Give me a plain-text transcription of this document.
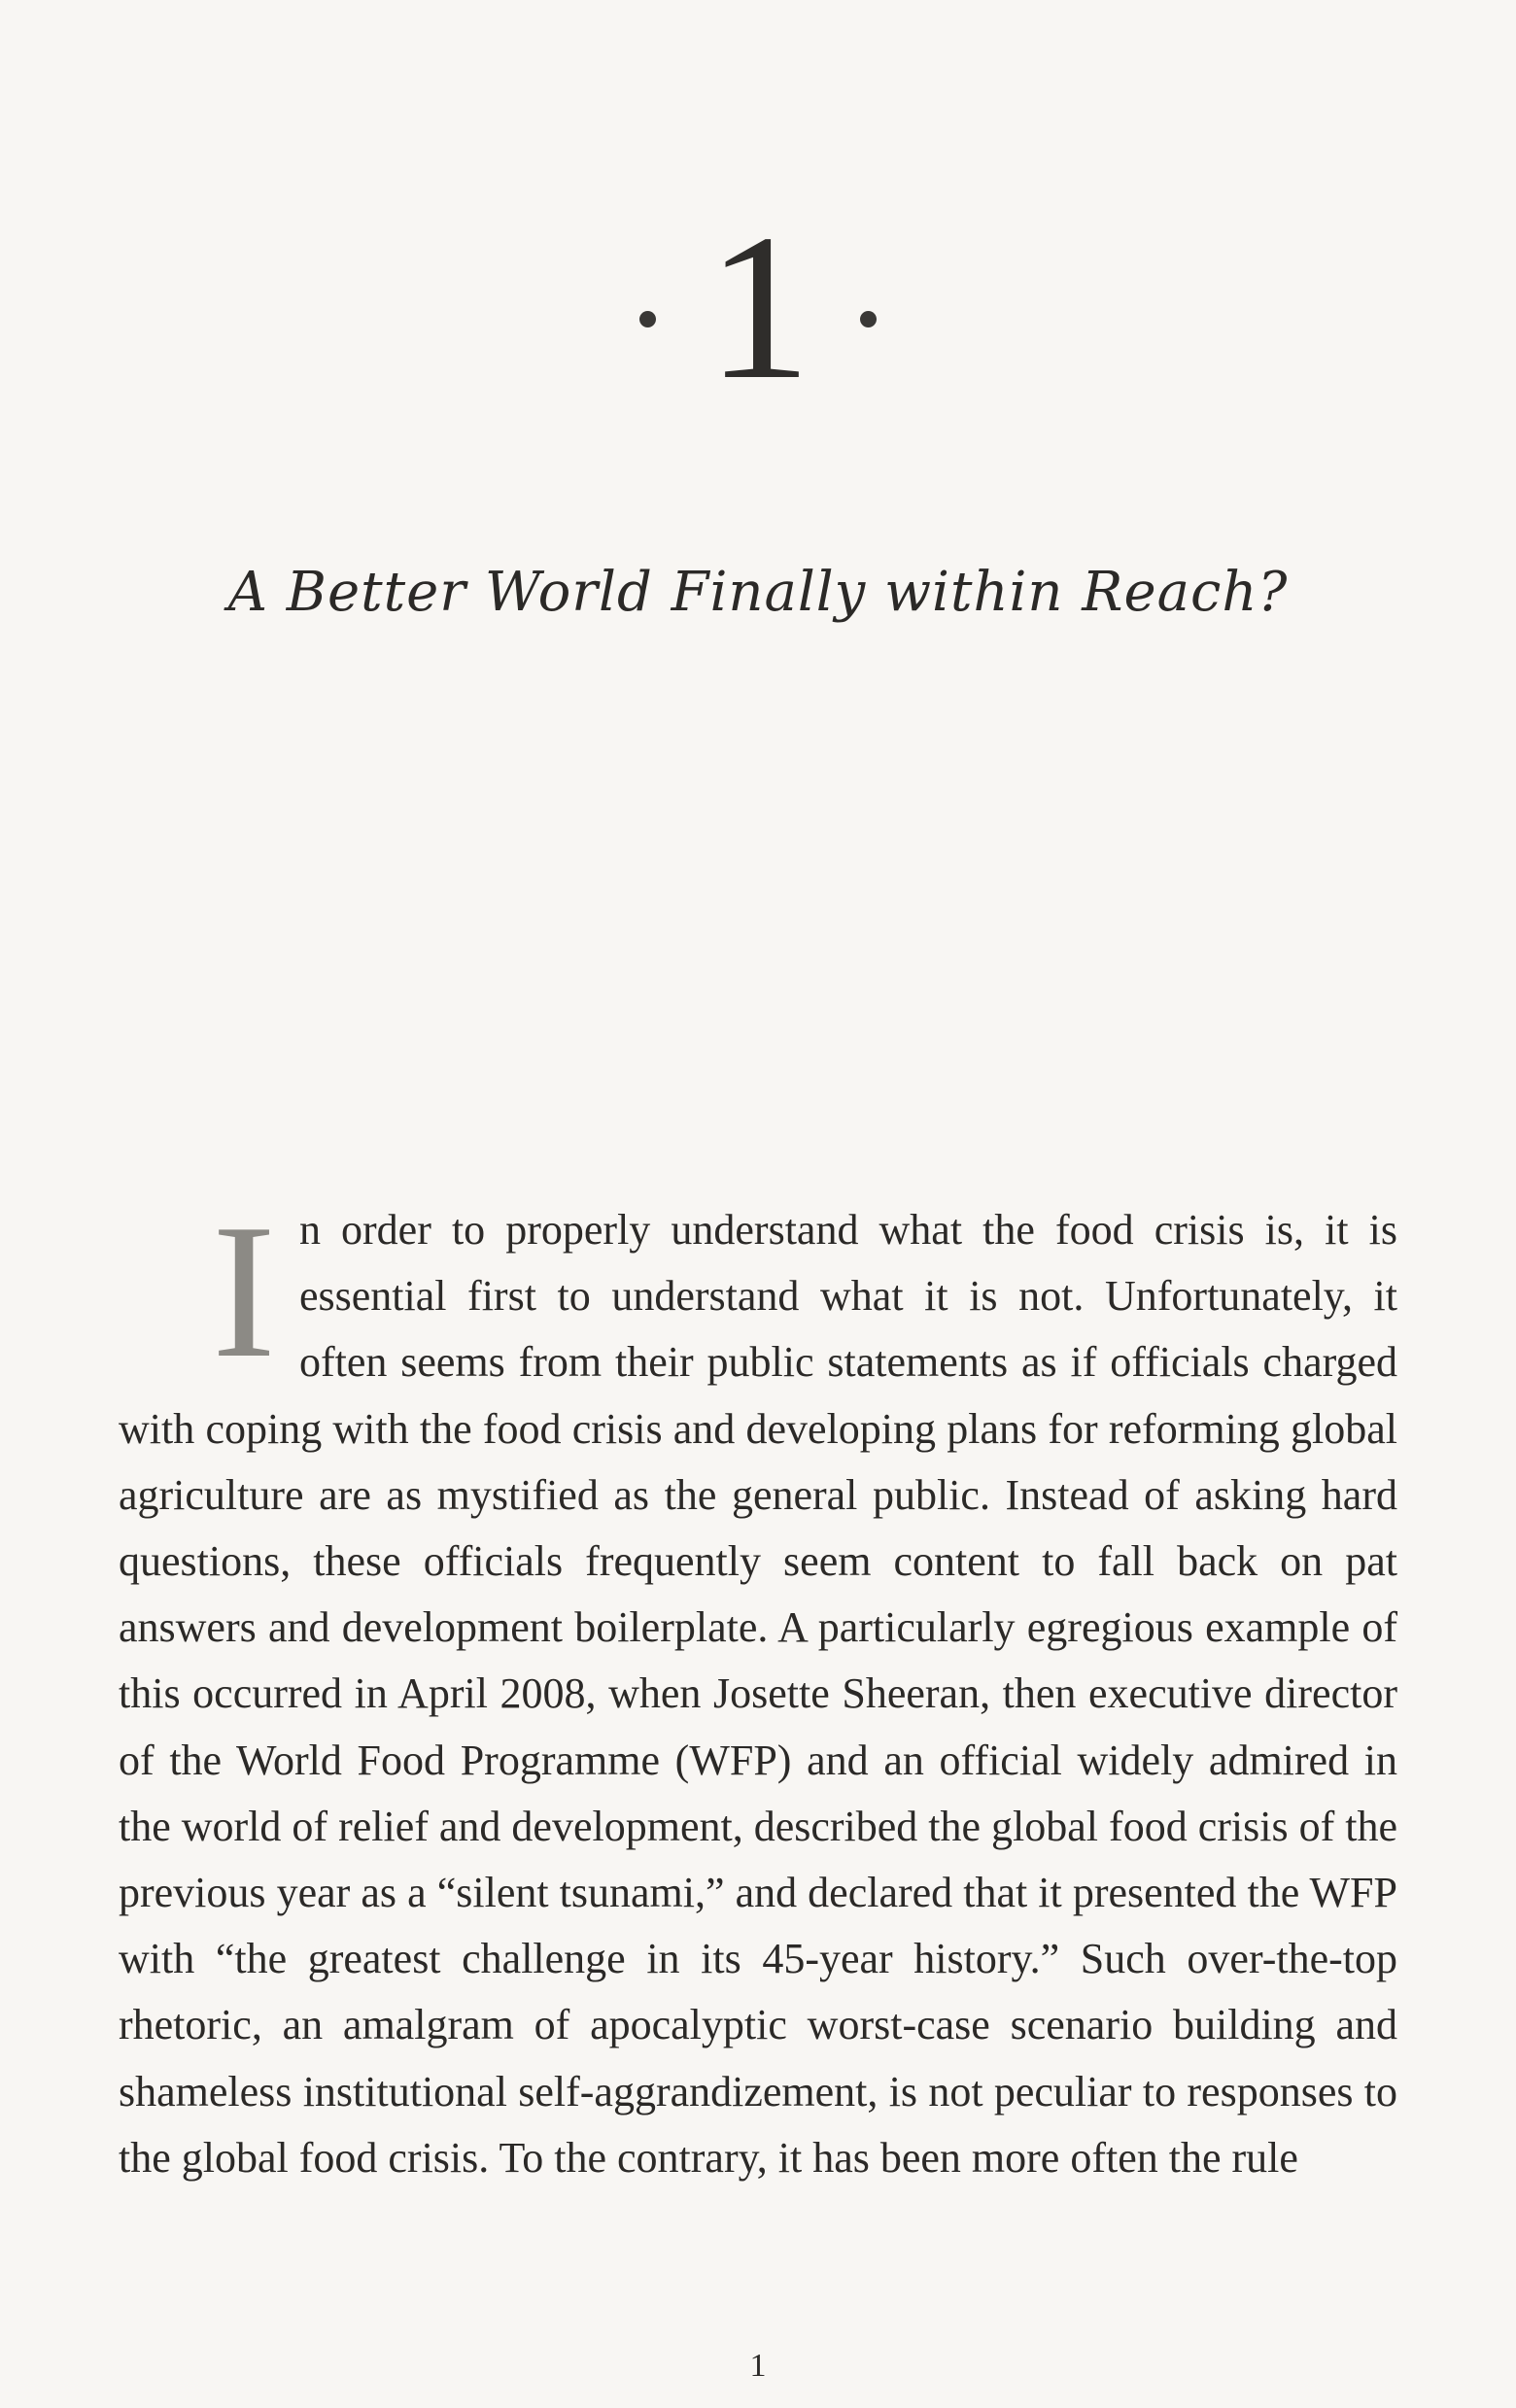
1
A Better World Finally within Reach?

In order to properly understand what the food crisis is, it is essential first to understand what it is not. Unfortunately, it often seems from their public statements as if officials charged with coping with the food crisis and developing plans for reforming global agriculture are as mystified as the general public. Instead of asking hard questions, these officials frequently seem content to fall back on pat answers and development boilerplate. A particularly egregious example of this occurred in April 2008, when Josette Sheeran, then executive director of the World Food Programme (WFP) and an official widely admired in the world of relief and development, described the global food crisis of the previous year as a “silent tsunami,” and declared that it presented the WFP with “the greatest challenge in its 45-year history.” Such over-the-top rhetoric, an amalgram of apocalyptic worst-case scenario building and shameless institutional self-aggrandizement, is not peculiar to responses to the global food crisis. To the contrary, it has been more often the rule

1
